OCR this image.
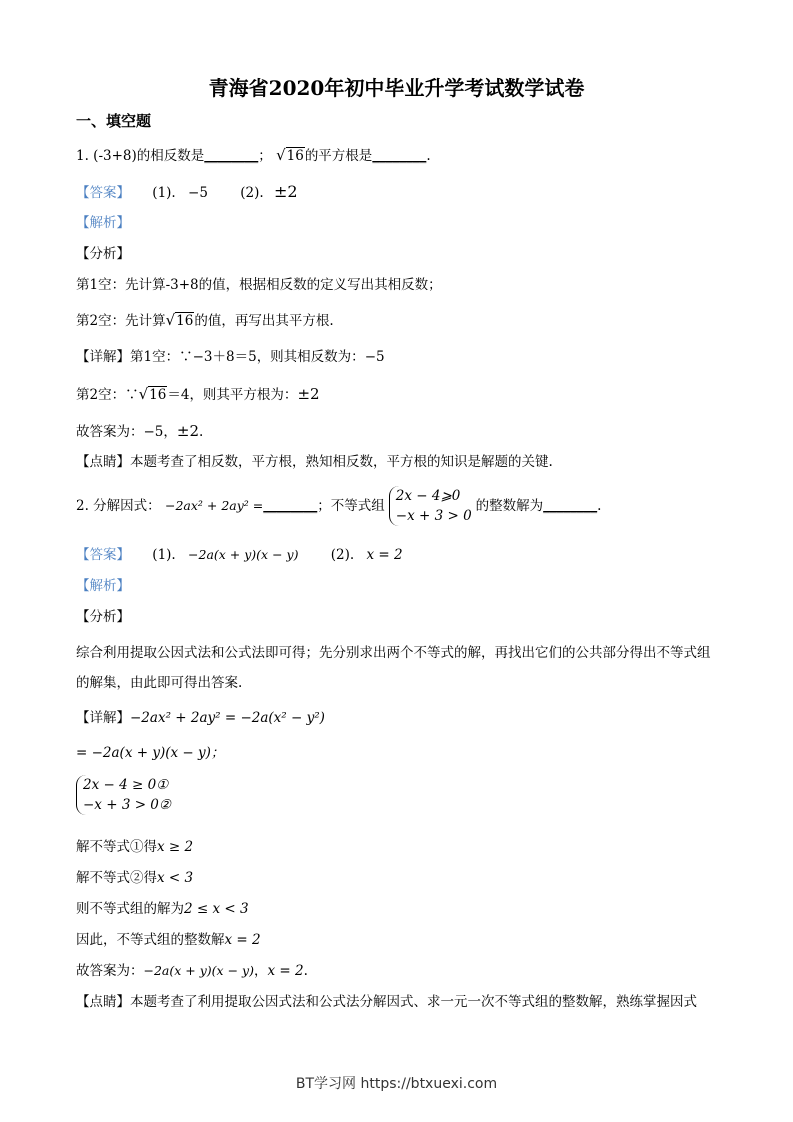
青海省2020年初中毕业升学考试数学试卷
一、填空题
1. (-3+8)的相反数是________； √16的平方根是________.
【答案】 (1). −5 (2). ±2
【解析】
【分析】
第1空：先计算-3+8的值，根据相反数的定义写出其相反数；
第2空：先计算√16的值，再写出其平方根.
【详解】第1空：∵−3＋8＝5，则其相反数为：−5
第2空：∵√16＝4，则其平方根为：±2
故答案为：−5，±2.
【点睛】本题考查了相反数，平方根，熟知相反数，平方根的知识是解题的关键.
2. 分解因式： −2ax² + 2ay² =________；不等式组
2x − 4⩾0
−x + 3 > 0
的整数解为________.
【答案】 (1). −2a(x + y)(x − y) (2). x = 2
【解析】
【分析】
综合利用提取公因式法和公式法即可得；先分别求出两个不等式的解，再找出它们的公共部分得出不等式组的解集，由此即可得出答案.
【详解】−2ax² + 2ay² = −2a(x² − y²)
= −2a(x + y)(x − y)；
2x − 4 ≥ 0①
−x + 3 > 0②
解不等式①得x ≥ 2
解不等式②得x < 3
则不等式组的解为2 ≤ x < 3
因此，不等式组的整数解x = 2
故答案为：−2a(x + y)(x − y)，x = 2.
【点睛】本题考查了利用提取公因式法和公式法分解因式、求一元一次不等式组的整数解，熟练掌握因式
BT学习网 https://btxuexi.com
